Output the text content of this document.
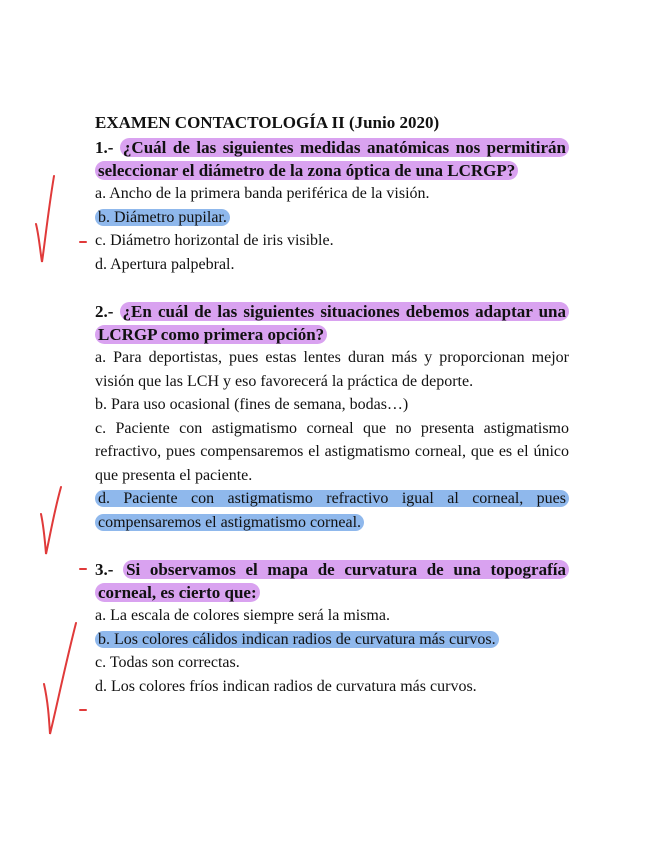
EXAMEN CONTACTOLOGÍA II (Junio 2020)
1.- ¿Cuál de las siguientes medidas anatómicas nos permitirán seleccionar el diámetro de la zona óptica de una LCRGP?
a. Ancho de la primera banda periférica de la visión.
b. Diámetro pupilar.
c. Diámetro horizontal de iris visible.
d. Apertura palpebral.
2.- ¿En cuál de las siguientes situaciones debemos adaptar una LCRGP como primera opción?
a. Para deportistas, pues estas lentes duran más y proporcionan mejor visión que las LCH y eso favorecerá la práctica de deporte.
b. Para uso ocasional (fines de semana, bodas…)
c. Paciente con astigmatismo corneal que no presenta astigmatismo refractivo, pues compensaremos el astigmatismo corneal, que es el único que presenta el paciente.
d. Paciente con astigmatismo refractivo igual al corneal, pues compensaremos el astigmatismo corneal.
3.- Si observamos el mapa de curvatura de una topografía corneal, es cierto que:
a. La escala de colores siempre será la misma.
b. Los colores cálidos indican radios de curvatura más curvos.
c. Todas son correctas.
d. Los colores fríos indican radios de curvatura más curvos.
